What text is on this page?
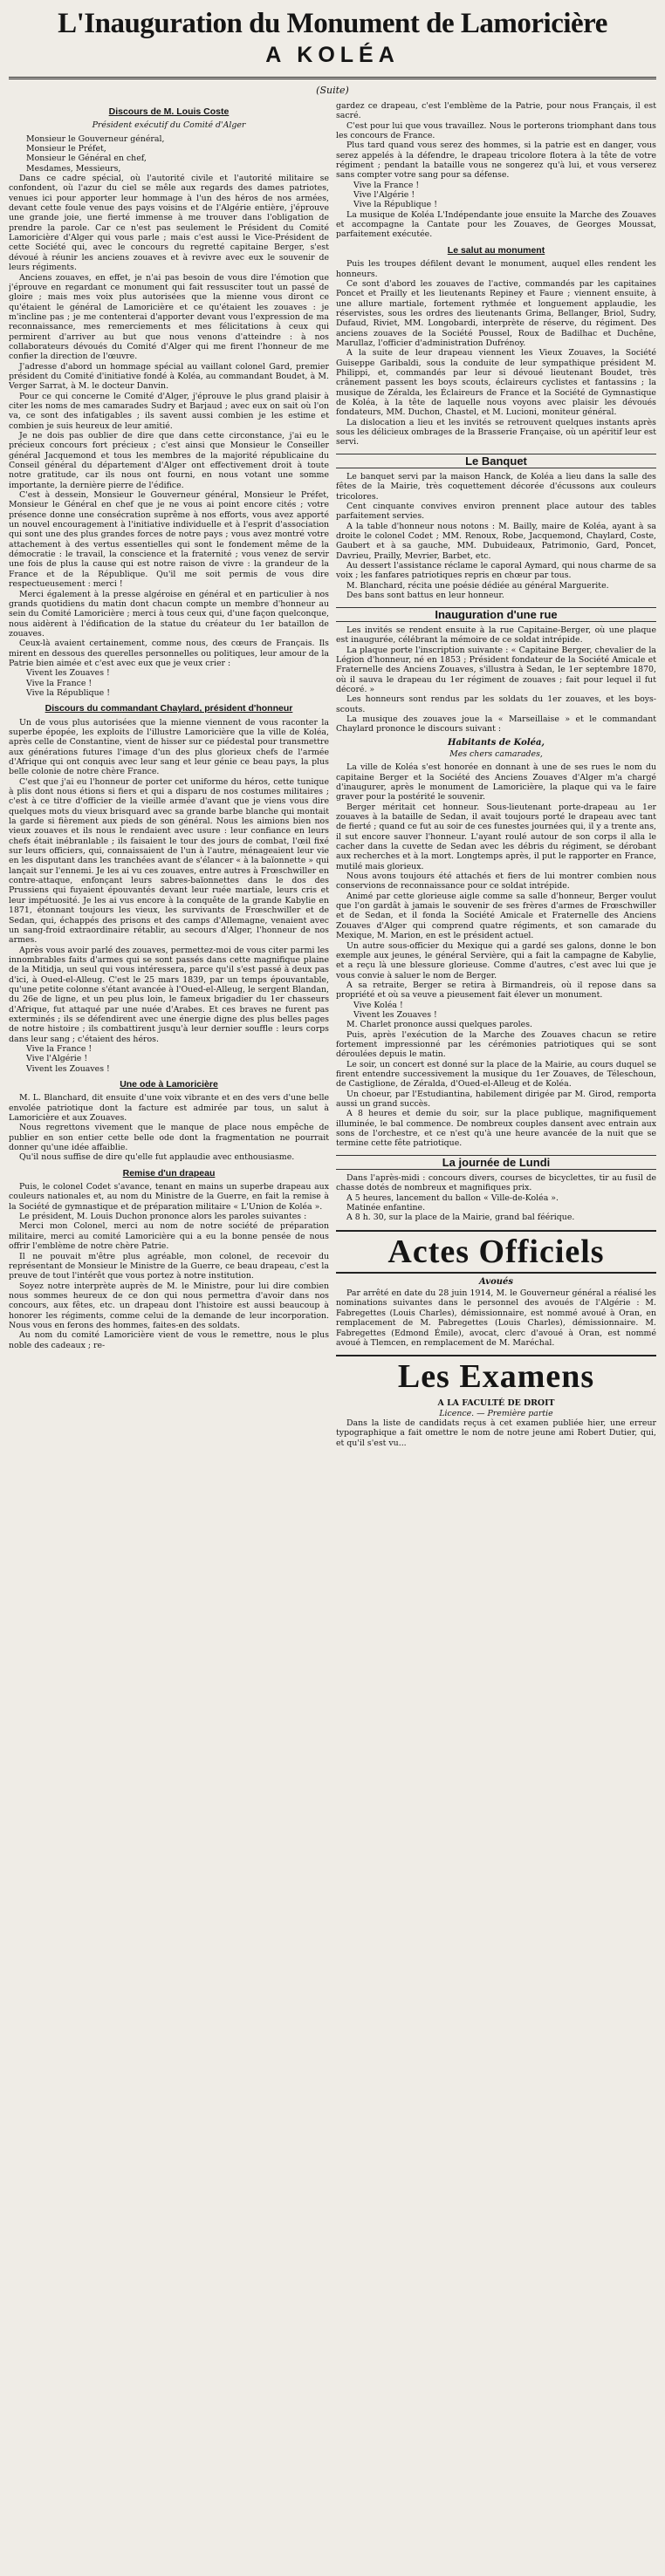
L'Inauguration du Monument de Lamoricière
A KOLÉA
(Suite)
Discours de M. Louis Coste
Président exécutif du Comité d'Alger

Monsieur le Gouverneur général,

Monsieur le Préfet,

Monsieur le Général en chef,

Mesdames, Messieurs,

Dans ce cadre spécial, où l'autorité civile et l'autorité militaire se confondent, où l'azur du ciel se mêle aux regards des dames patriotes, venues ici pour apporter leur hommage à l'un des héros de nos armées, devant cette foule venue des pays voisins et de l'Algérie entière, j'éprouve une grande joie, une fierté immense à me trouver dans l'obligation de prendre la parole. Car ce n'est pas seulement le Président du Comité Lamoricière d'Alger qui vous parle ; mais c'est aussi le Vice-Président de cette Société qui, avec le concours du regretté capitaine Berger, s'est dévoué à réunir les anciens zouaves et à revivre avec eux le souvenir de leurs régiments.

Anciens zouaves, en effet, je n'ai pas besoin de vous dire l'émotion que j'éprouve en regardant ce monument qui fait ressusciter tout un passé de gloire ; mais mes voix plus autorisées que la mienne vous diront ce qu'étaient le général de Lamoricière et ce qu'étaient les zouaves : je m'incline pas ; je me contenterai d'apporter devant vous l'expression de ma reconnaissance, mes remerciements et mes félicitations à ceux qui permirent d'arriver au but que nous venons d'atteindre : à nos collaborateurs dévoués du Comité d'Alger qui me firent l'honneur de me confier la direction de l'œuvre.

J'adresse d'abord un hommage spécial au vaillant colonel Gard, premier président du Comité d'initiative fondé à Koléa, au commandant Boudet, à M. Verger Sarrat, à M. le docteur Danvin.

Pour ce qui concerne le Comité d'Alger, j'éprouve le plus grand plaisir à citer les noms de mes camarades Sudry et Barjaud ; avec eux on sait où l'on va, ce sont des infatigables ; ils savent aussi combien je les estime et combien je suis heureux de leur amitié.

Je ne dois pas oublier de dire que dans cette circonstance, j'ai eu le précieux concours fort précieux ; c'est ainsi que Monsieur le Conseiller général Jacquemond et tous les membres de la majorité républicaine du Conseil général du département d'Alger ont effectivement droit à toute notre gratitude, car ils nous ont fourni, en nous votant une somme importante, la dernière pierre de l'édifice.

C'est à dessein, Monsieur le Gouverneur général, Monsieur le Préfet, Monsieur le Général en chef que je ne vous ai point encore cités ; votre présence donne une consécration suprême à nos efforts, vous avez apporté un nouvel encouragement à l'initiative individuelle et à l'esprit d'association qui sont une des plus grandes forces de notre pays ; vous avez montré votre attachement à des vertus essentielles qui sont le fondement même de la démocratie : le travail, la conscience et la fraternité ; vous venez de servir une fois de plus la cause qui est notre raison de vivre : la grandeur de la France et de la République. Qu'il me soit permis de vous dire respectueusement : merci !

Merci également à la presse algéroise en général et en particulier à nos grands quotidiens du matin dont chacun compte un membre d'honneur au sein du Comité Lamoricière ; merci à tous ceux qui, d'une façon quelconque, nous aidèrent à l'édification de la statue du créateur du 1er bataillon de zouaves.

Ceux-là avaient certainement, comme nous, des cœurs de Français. Ils mirent en dessous des querelles personnelles ou politiques, leur amour de la Patrie bien aimée et c'est avec eux que je veux crier :

Vivent les Zouaves !

Vive la France !

Vive la République !

Discours du commandant Chaylard, président d'honneur

Un de vous plus autorisées que la mienne viennent de vous raconter la superbe épopée, les exploits de l'illustre Lamoricière que la ville de Koléa, après celle de Constantine, vient de hisser sur ce piédestal pour transmettre aux générations futures l'image d'un des plus glorieux chefs de l'armée d'Afrique qui ont conquis avec leur sang et leur génie ce beau pays, la plus belle colonie de notre chère France.

C'est que j'ai eu l'honneur de porter cet uniforme du héros, cette tunique à plis dont nous étions si fiers et qui a disparu de nos costumes militaires ; c'est à ce titre d'officier de la vieille armée d'avant que je viens vous dire quelques mots du vieux brisquard avec sa grande barbe blanche qui montait la garde si fièrement aux pieds de son général. Nous les aimions bien nos vieux zouaves et ils nous le rendaient avec usure : leur confiance en leurs chefs était inébranlable ; ils faisaient le tour des jours de combat, l'œil fixé sur leurs officiers, qui, connaissaient de l'un à l'autre, ménageaient leur vie en les disputant dans les tranchées avant de s'élancer « à la baïonnette » qui lançait sur l'ennemi. Je les ai vu ces zouaves, entre autres à Frœschwiller en contre-attaque, enfonçant leurs sabres-baïonnettes dans le dos des Prussiens qui fuyaient épouvantés devant leur ruée martiale, leurs cris et leur impétuosité. Je les ai vus encore à la conquête de la grande Kabylie en 1871, étonnant toujours les vieux, les survivants de Frœschwiller et de Sedan, qui, échappés des prisons et des camps d'Allemagne, venaient avec un sang-froid extraordinaire rétablir, au secours d'Alger, l'honneur de nos armes.

Après vous avoir parlé des zouaves, permettez-moi de vous citer parmi les innombrables faits d'armes qui se sont passés dans cette magnifique plaine de la Mitidja, un seul qui vous intéressera, parce qu'il s'est passé à deux pas d'ici, à Oued-el-Alleug. C'est le 25 mars 1839, par un temps épouvantable, qu'une petite colonne s'étant avancée à l'Oued-el-Alleug, le sergent Blandan, du 26e de ligne, et un peu plus loin, le fameux brigadier du 1er chasseurs d'Afrique, fut attaqué par une nuée d'Arabes. Et ces braves ne furent pas exterminés ; ils se défendirent avec une énergie digne des plus belles pages de notre histoire ; ils combattirent jusqu'à leur dernier souffle : leurs corps dans leur sang ; c'étaient des héros.

Vive la France !

Vive l'Algérie !

Vivent les Zouaves !

Une ode à Lamoricière

M. L. Blanchard, dit ensuite d'une voix vibrante et en des vers d'une belle envolée patriotique dont la facture est admirée par tous, un salut à Lamoricière et aux Zouaves.

Nous regrettons vivement que le manque de place nous empêche de publier en son entier cette belle ode dont la fragmentation ne pourrait donner qu'une idée affaiblie.

Qu'il nous suffise de dire qu'elle fut applaudie avec enthousiasme.

Remise d'un drapeau

Puis, le colonel Codet s'avance, tenant en mains un superbe drapeau aux couleurs nationales et, au nom du Ministre de la Guerre, en fait la remise à la Société de gymnastique et de préparation militaire « L'Union de Koléa ».

Le président, M. Louis Duchon prononce alors les paroles suivantes :

Merci mon Colonel, merci au nom de notre société de préparation militaire, merci au comité Lamoricière qui a eu la bonne pensée de nous offrir l'emblème de notre chère Patrie.

Il ne pouvait m'être plus agréable, mon colonel, de recevoir du représentant de Monsieur le Ministre de la Guerre, ce beau drapeau, c'est la preuve de tout l'intérêt que vous portez à notre institution.

Soyez notre interprète auprès de M. le Ministre, pour lui dire combien nous sommes heureux de ce don qui nous permettra d'avoir dans nos concours, aux fêtes, etc. un drapeau dont l'histoire est aussi beaucoup à honorer les régiments, comme celui de la demande de leur incorporation. Nous vous en ferons des hommes, faites-en des soldats.

Au nom du comité Lamoricière vient de vous le remettre, nous le plus noble des cadeaux ; re-

gardez ce drapeau, c'est l'emblème de la Patrie, pour nous Français, il est sacré.

C'est pour lui que vous travaillez. Nous le porterons triomphant dans tous les concours de France.

Plus tard quand vous serez des hommes, si la patrie est en danger, vous serez appelés à la défendre, le drapeau tricolore flotera à la tête de votre régiment ; pendant la bataille vous ne songerez qu'à lui, et vous verserez sans compter votre sang pour sa défense.

Vive la France !

Vive l'Algérie !

Vive la République !

La musique de Koléa L'Indépendante joue ensuite la Marche des Zouaves et accompagne la Cantate pour les Zouaves, de Georges Moussat, parfaitement exécutée.

Le salut au monument

Puis les troupes défilent devant le monument, auquel elles rendent les honneurs.

Ce sont d'abord les zouaves de l'active, commandés par les capitaines Poncet et Prailly et les lieutenants Repiney et Faure ; viennent ensuite, à une allure martiale, fortement rythmée et longuement applaudie, les réservistes, sous les ordres des lieutenants Grima, Bellanger, Briol, Sudry, Dufaud, Riviet, MM. Longobardi, interprète de réserve, du régiment. Des anciens zouaves de la Société Poussel, Roux de Badilhac et Duchêne, Marullaz, l'officier d'administration Dufrénoy.

A la suite de leur drapeau viennent les Vieux Zouaves, la Société Guiseppe Garibaldi, sous la conduite de leur sympathique président M. Philippi, et, commandés par leur si dévoué lieutenant Boudet, très crânement passent les boys scouts, éclaireurs cyclistes et fantassins ; la musique de Zéralda, les Éclaireurs de France et la Société de Gymnastique de Koléa, à la tête de laquelle nous voyons avec plaisir les dévoués fondateurs, MM. Duchon, Chastel, et M. Lucioni, moniteur général.

La dislocation a lieu et les invités se retrouvent quelques instants après sous les délicieux ombrages de la Brasserie Française, où un apéritif leur est servi.

Le Banquet

Le banquet servi par la maison Hanck, de Koléa a lieu dans la salle des fêtes de la Mairie, très coquettement décorée d'écussons aux couleurs tricolores.

Cent cinquante convives environ prennent place autour des tables parfaitement servies.

A la table d'honneur nous notons : M. Bailly, maire de Koléa, ayant à sa droite le colonel Codet ; MM. Renoux, Robe, Jacquemond, Chaylard, Coste, Gaubert et à sa gauche, MM. Dubuideaux, Patrimonio, Gard, Poncet, Davrieu, Prailly, Mevrier, Barbet, etc.

Au dessert l'assistance réclame le caporal Aymard, qui nous charme de sa voix ; les fanfares patriotiques repris en chœur par tous.

M. Blanchard, récita une poésie dédiée au général Marguerite.

Des bans sont battus en leur honneur.

Inauguration d'une rue

Les invités se rendent ensuite à la rue Capitaine-Berger, où une plaque est inaugurée, célébrant la mémoire de ce soldat intrépide.

La plaque porte l'inscription suivante : « Capitaine Berger, chevalier de la Légion d'honneur, né en 1853 ; Président fondateur de la Société Amicale et Fraternelle des Anciens Zouaves, s'illustra à Sedan, le 1er septembre 1870, où il sauva le drapeau du 1er régiment de zouaves ; fait pour lequel il fut décoré. »

Les honneurs sont rendus par les soldats du 1er zouaves, et les boys-scouts.

La musique des zouaves joue la « Marseillaise » et le commandant Chaylard prononce le discours suivant :

Habitants de Koléa,
Mes chers camarades,

La ville de Koléa s'est honorée en donnant à une de ses rues le nom du capitaine Berger et la Société des Anciens Zouaves d'Alger m'a chargé d'inaugurer, après le monument de Lamoricière, la plaque qui va le faire graver pour la postérité le souvenir.

Berger méritait cet honneur. Sous-lieutenant porte-drapeau au 1er zouaves à la bataille de Sedan, il avait toujours porté le drapeau avec tant de fierté ; quand ce fut au soir de ces funestes journées qui, il y a trente ans, il sut encore sauver l'honneur. L'ayant roulé autour de son corps il alla le cacher dans la cuvette de Sedan avec les débris du régiment, se dérobant aux recherches et à la mort. Longtemps après, il put le rapporter en France, mutilé mais glorieux.

Nous avons toujours été attachés et fiers de lui montrer combien nous conservions de reconnaissance pour ce soldat intrépide.

Animé par cette glorieuse aigle comme sa salle d'honneur, Berger voulut que l'on gardât à jamais le souvenir de ses frères d'armes de Frœschwiller et de Sedan, et il fonda la Société Amicale et Fraternelle des Anciens Zouaves d'Alger qui comprend quatre régiments, et son camarade du Mexique, M. Marion, en est le président actuel.

Un autre sous-officier du Mexique qui a gardé ses galons, donne le bon exemple aux jeunes, le général Servière, qui a fait la campagne de Kabylie, et a reçu là une blessure glorieuse. Comme d'autres, c'est avec lui que je vous convie à saluer le nom de Berger.

A sa retraite, Berger se retira à Birmandreis, où il repose dans sa propriété et où sa veuve a pieusement fait élever un monument.

Vive Koléa !

Vivent les Zouaves !

M. Charlet prononce aussi quelques paroles.

Puis, après l'exécution de la Marche des Zouaves chacun se retire fortement impressionné par les cérémonies patriotiques qui se sont déroulées depuis le matin.

Le soir, un concert est donné sur la place de la Mairie, au cours duquel se firent entendre successivement la musique du 1er Zouaves, de Téleschoun, de Castiglione, de Zéralda, d'Oued-el-Alleug et de Koléa.

Un choeur, par l'Estudiantina, habilement dirigée par M. Girod, remporta aussi un grand succès.

A 8 heures et demie du soir, sur la place publique, magnifiquement illuminée, le bal commence. De nombreux couples dansent avec entrain aux sons de l'orchestre, et ce n'est qu'à une heure avancée de la nuit que se termine cette fête patriotique.

La journée de Lundi

Dans l'après-midi : concours divers, courses de bicyclettes, tir au fusil de chasse dotés de nombreux et magnifiques prix.

A 5 heures, lancement du ballon « Ville-de-Koléa ».

Matinée enfantine.

A 8 h. 30, sur la place de la Mairie, grand bal féérique.

Actes Officiels
Avoués

Par arrêté en date du 28 juin 1914, M. le Gouverneur général a réalisé les nominations suivantes dans le personnel des avoués de l'Algérie : M. Fabregettes (Louis Charles), démissionnaire, est nommé avoué à Oran, en remplacement de M. Pabregettes (Louis Charles), démissionnaire. M. Fabregettes (Edmond Émile), avocat, clerc d'avoué à Oran, est nommé avoué à Tlemcen, en remplacement de M. Maréchal.

Les Examens

A LA FACULTÉ DE DROIT

Licence. — Première partie

Dans la liste de candidats reçus à cet examen publiée hier, une erreur typographique a fait omettre le nom de notre jeune ami Robert Dutier, qui, et qu'il s'est vu...
